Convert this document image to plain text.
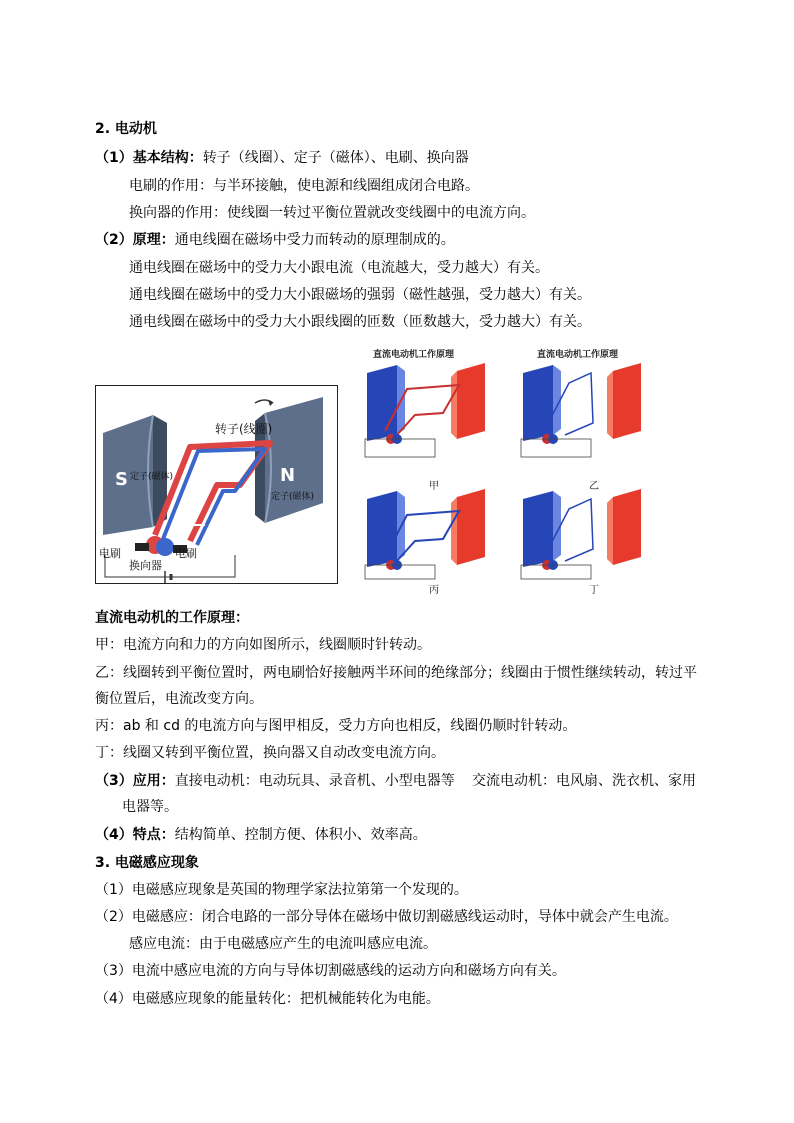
2. 电动机
（1）基本结构：转子（线圈）、定子（磁体）、电刷、换向器
电刷的作用：与半环接触，使电源和线圈组成闭合电路。
换向器的作用：使线圈一转过平衡位置就改变线圈中的电流方向。
（2）原理：通电线圈在磁场中受力而转动的原理制成的。
通电线圈在磁场中的受力大小跟电流（电流越大，受力越大）有关。
通电线圈在磁场中的受力大小跟磁场的强弱（磁性越强，受力越大）有关。
通电线圈在磁场中的受力大小跟线圈的匝数（匝数越大，受力越大）有关。
S	N
转子(线圈)
定子(磁体)
定子(磁体)
电刷	电刷
换向器
直流电动机工作原理	直流电动机工作原理
甲	乙
丙	丁
直流电动机的工作原理：
甲：电流方向和力的方向如图所示，线圈顺时针转动。
乙：线圈转到平衡位置时，两电刷恰好接触两半环间的绝缘部分；线圈由于惯性继续转动，转过平
衡位置后，电流改变方向。
丙：ab 和 cd 的电流方向与图甲相反，受力方向也相反，线圈仍顺时针转动。
丁：线圈又转到平衡位置，换向器又自动改变电流方向。
（3）应用：直接电动机：电动玩具、录音机、小型电器等 交流电动机：电风扇、洗衣机、家用
电器等。
（4）特点：结构简单、控制方便、体积小、效率高。
3. 电磁感应现象
（1）电磁感应现象是英国的物理学家法拉第第一个发现的。
（2）电磁感应：闭合电路的一部分导体在磁场中做切割磁感线运动时，导体中就会产生电流。
感应电流：由于电磁感应产生的电流叫感应电流。
（3）电流中感应电流的方向与导体切割磁感线的运动方向和磁场方向有关。
（4）电磁感应现象的能量转化：把机械能转化为电能。
